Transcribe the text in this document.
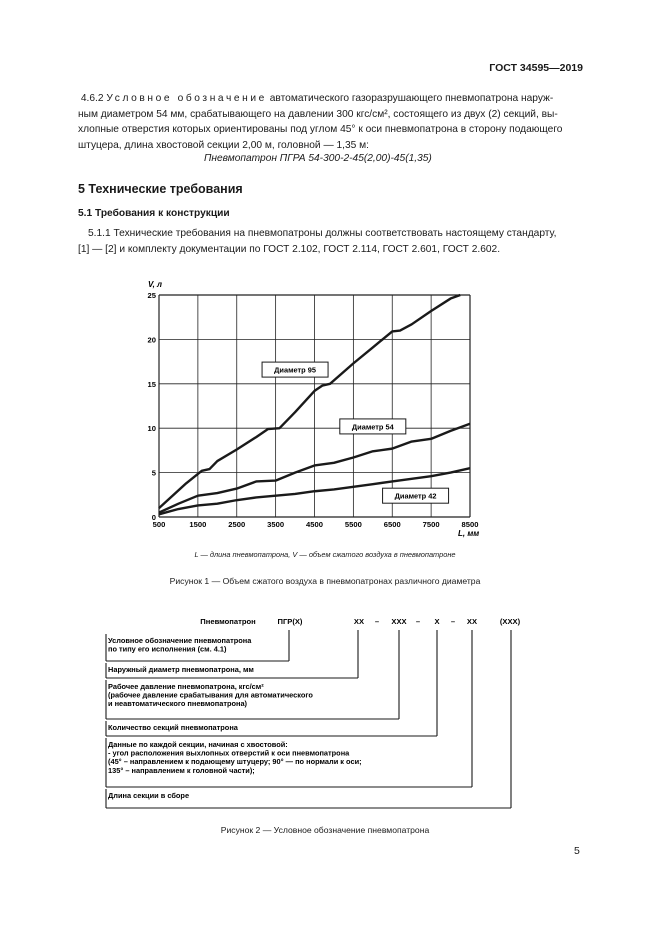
ГОСТ 34595—2019
4.6.2 Условное обозначение автоматического газоразрушающего пневмопатрона наруж-
ным диаметром 54 мм, срабатывающего на давлении 300 кгс/см², состоящего из двух (2) секций, вы-
хлопные отверстия которых ориентированы под углом 45° к оси пневмопатрона в сторону подающего
штуцера, длина хвостовой секции 2,00 м, головной — 1,35 м:
Пневмопатрон ПГРА 54-300-2-45(2,00)-45(1,35)
5 Технические требования
5.1 Требования к конструкции
5.1.1 Технические требования на пневмопатроны должны соответствовать настоящему стандарту,
[1] — [2] и комплекту документации по ГОСТ 2.102, ГОСТ 2.114, ГОСТ 2.601, ГОСТ 2.602.
500	1500	2500	3500	4500	5500	6500	7500	8500
0
5
10
15
20
25
Диаметр 95
Диаметр 54
Диаметр 42
V, л
L, мм
L — длина пневмопатрона, V — объем сжатого воздуха в пневмопатроне
Рисунок 1 — Объем сжатого воздуха в пневмопатронах различного диаметра
Пневмопатрон	ПГР(Х)	ХХ – ХХХ – Х – ХХ	(ХХХ)
Условное обозначение пневмопатрона
по типу его исполнения (см. 4.1)
Наружный диаметр пневмопатрона, мм
Рабочее давление пневмопатрона, кгс/см²
(рабочее давление срабатывания для автоматического
и неавтоматического пневмопатрона)
Количество секций пневмопатрона
Данные по каждой секции, начиная с хвостовой:
- угол расположения выхлопных отверстий к оси пневмопатрона
(45° – направлением к подающему штуцеру; 90° — по нормали к оси;
135° – направлением к головной части);
Длина секции в сборе
Рисунок 2 — Условное обозначение пневмопатрона
5
